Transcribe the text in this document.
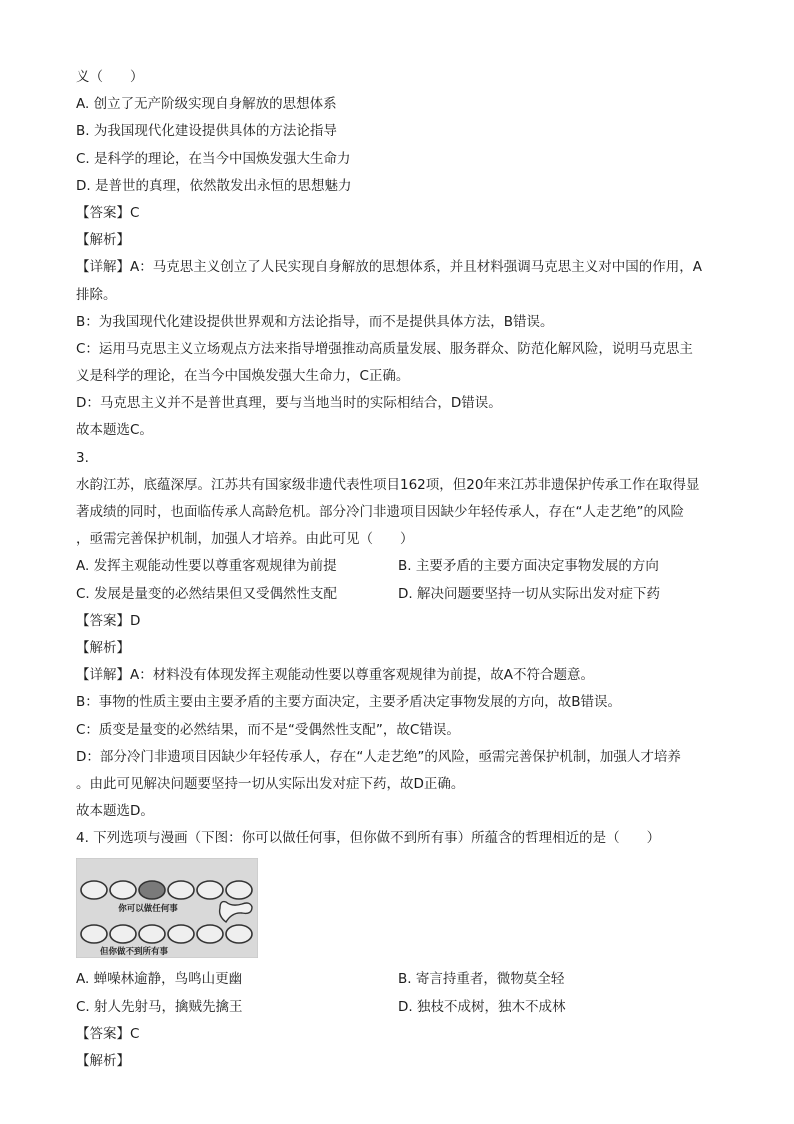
义（　　）
A. 创立了无产阶级实现自身解放的思想体系
B. 为我国现代化建设提供具体的方法论指导
C. 是科学的理论，在当今中国焕发强大生命力
D. 是普世的真理，依然散发出永恒的思想魅力
【答案】C
【解析】
【详解】A：马克思主义创立了人民实现自身解放的思想体系，并且材料强调马克思主义对中国的作用，A
排除。
B：为我国现代化建设提供世界观和方法论指导，而不是提供具体方法，B错误。
C：运用马克思主义立场观点方法来指导增强推动高质量发展、服务群众、防范化解风险，说明马克思主
义是科学的理论，在当今中国焕发强大生命力，C正确。
D：马克思主义并不是普世真理，要与当地当时的实际相结合，D错误。
故本题选C。
3.
水韵江苏，底蕴深厚。江苏共有国家级非遗代表性项目162项，但20年来江苏非遗保护传承工作在取得显
著成绩的同时，也面临传承人高龄危机。部分冷门非遗项目因缺少年轻传承人，存在“人走艺绝”的风险
，亟需完善保护机制，加强人才培养。由此可见（　　）
A. 发挥主观能动性要以尊重客观规律为前提	B. 主要矛盾的主要方面决定事物发展的方向
C. 发展是量变的必然结果但又受偶然性支配	D. 解决问题要坚持一切从实际出发对症下药
【答案】D
【解析】
【详解】A：材料没有体现发挥主观能动性要以尊重客观规律为前提，故A不符合题意。
B：事物的性质主要由主要矛盾的主要方面决定，主要矛盾决定事物发展的方向，故B错误。
C：质变是量变的必然结果，而不是“受偶然性支配”，故C错误。
D：部分冷门非遗项目因缺少年轻传承人，存在“人走艺绝”的风险，亟需完善保护机制，加强人才培养
。由此可见解决问题要坚持一切从实际出发对症下药，故D正确。
故本题选D。
4. 下列选项与漫画（下图：你可以做任何事，但你做不到所有事）所蕴含的哲理相近的是（　　）
你可以做任何事
但你做不到所有事
A. 蝉噪林逾静，鸟鸣山更幽	B. 寄言持重者，微物莫全轻
C. 射人先射马，擒贼先擒王	D. 独枝不成树，独木不成林
【答案】C
【解析】
